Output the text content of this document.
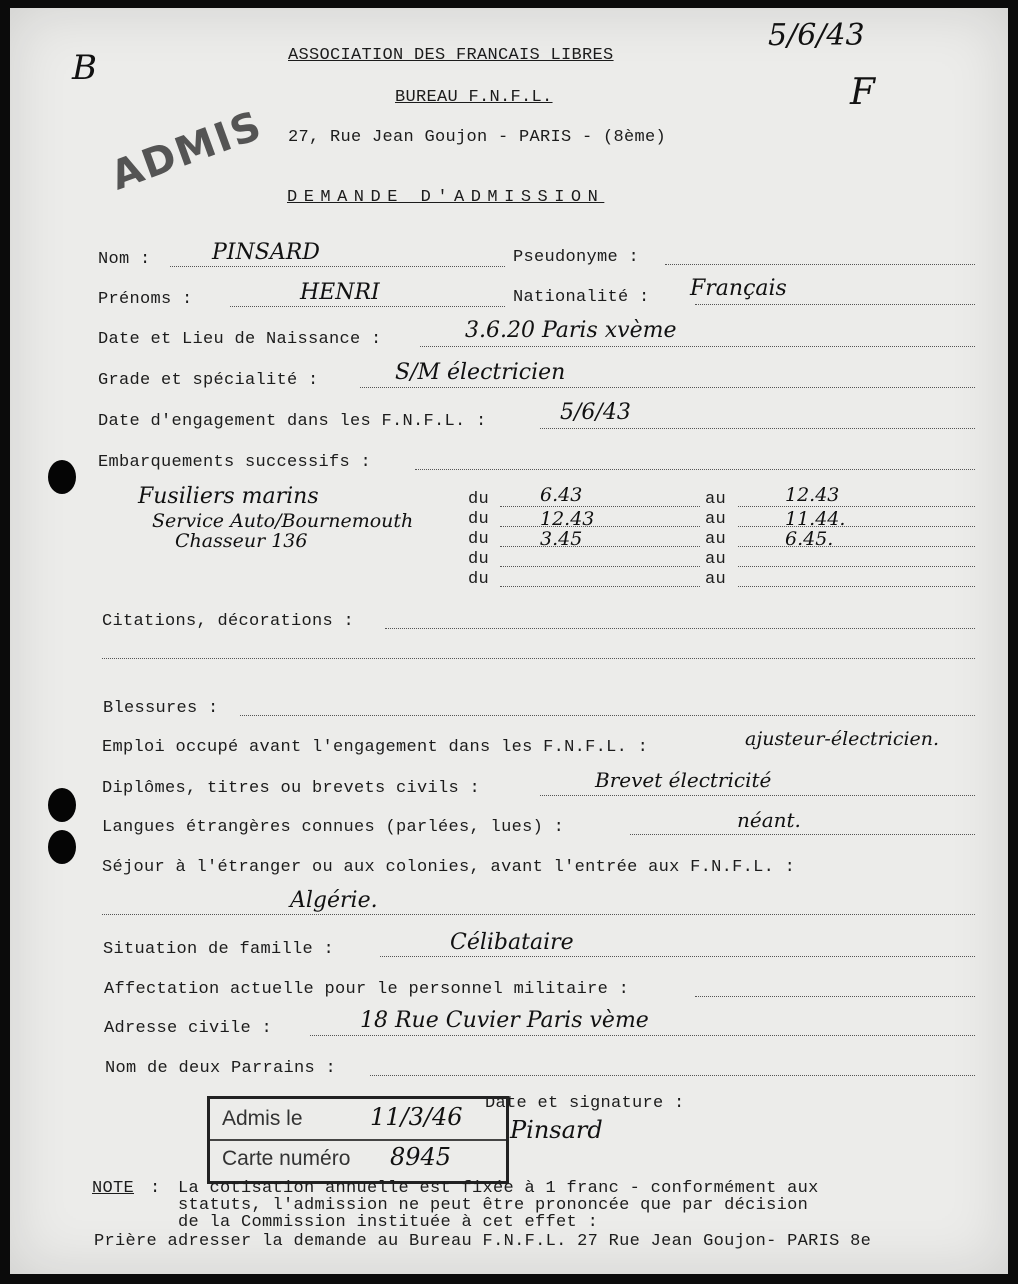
B
5/6/43
F
ADMIS
ASSOCIATION DES FRANCAIS LIBRES
BUREAU F.N.F.L.
27, Rue Jean Goujon - PARIS - (8ème)
DEMANDE D'ADMISSION
Nom :	PINSARD	Pseudonyme :
Prénoms :	HENRI	Nationalité : Français
Date et Lieu de Naissance :	3.6.20 Paris xvème
Grade et spécialité :	S/M électricien
Date d'engagement dans les F.N.F.L. :	5/6/43
Embarquements successifs :
Fusiliers marins	du	6.43	au	12.43
Service Auto/Bournemouth	du	12.43	au	11.44.
Chasseur 136	du	3.45	au	6.45.
du	au
du	au
Citations, décorations :
Blessures :
Emploi occupé avant l'engagement dans les F.N.F.L. :	ajusteur-électricien.
Diplômes, titres ou brevets civils :	Brevet électricité
Langues étrangères connues (parlées, lues) :	néant.
Séjour à l'étranger ou aux colonies, avant l'entrée aux F.N.F.L. :
Algérie.
Situation de famille :	Célibataire
Affectation actuelle pour le personnel militaire :
Adresse civile :	18 Rue Cuvier Paris vème
Nom de deux Parrains :
Date et signature :
Pinsard
Admis le	11/3/46
Carte numéro 8945
NOTE : La cotisation annuelle est fixée à 1 franc - conformément aux
statuts, l'admission ne peut être prononcée que par décision
de la Commission instituée à cet effet :
Prière adresser la demande au Bureau F.N.F.L. 27 Rue Jean Goujon- PARIS 8e
